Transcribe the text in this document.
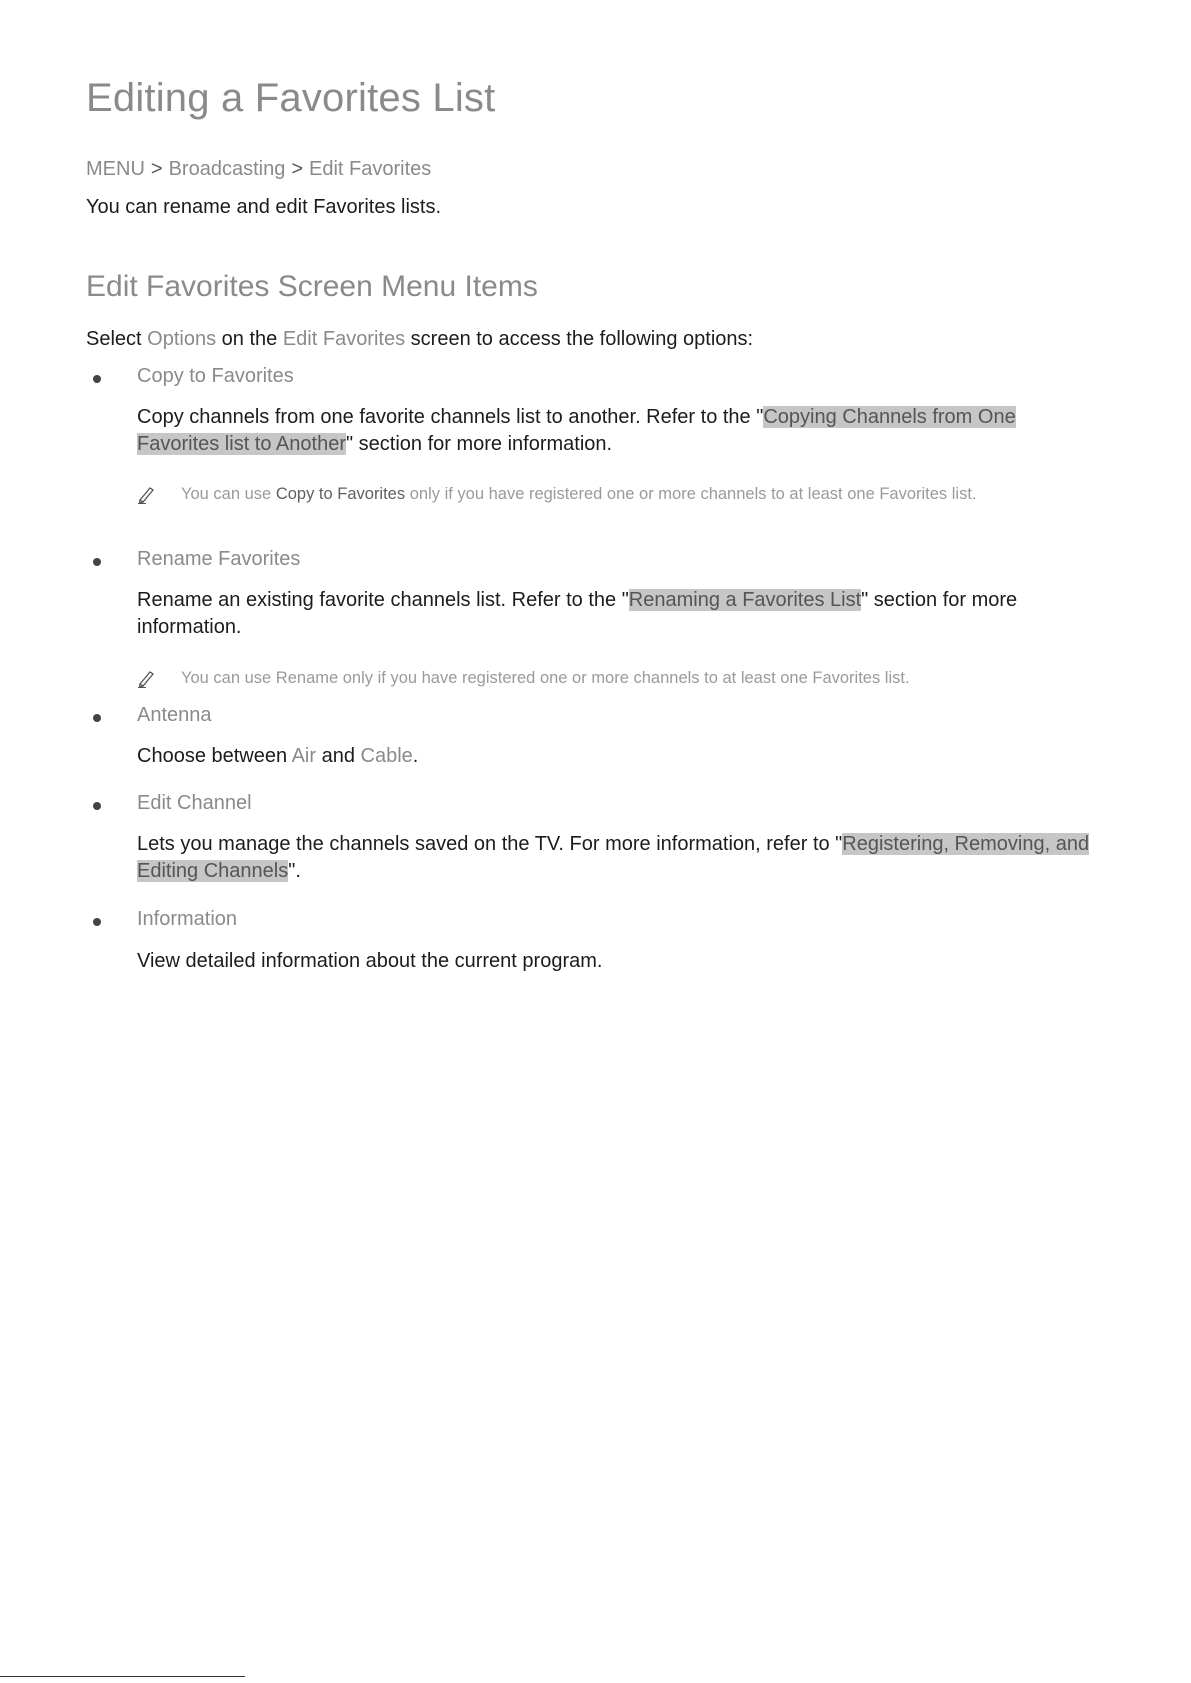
Editing a Favorites List
MENU > Broadcasting > Edit Favorites
You can rename and edit Favorites lists.
Edit Favorites Screen Menu Items
Select Options on the Edit Favorites screen to access the following options:
Copy to Favorites
Copy channels from one favorite channels list to another. Refer to the "Copying Channels from One Favorites list to Another" section for more information.
You can use Copy to Favorites only if you have registered one or more channels to at least one Favorites list.
Rename Favorites
Rename an existing favorite channels list. Refer to the "Renaming a Favorites List" section for more information.
You can use Rename only if you have registered one or more channels to at least one Favorites list.
Antenna
Choose between Air and Cable.
Edit Channel
Lets you manage the channels saved on the TV. For more information, refer to "Registering, Removing, and Editing Channels".
Information
View detailed information about the current program.
